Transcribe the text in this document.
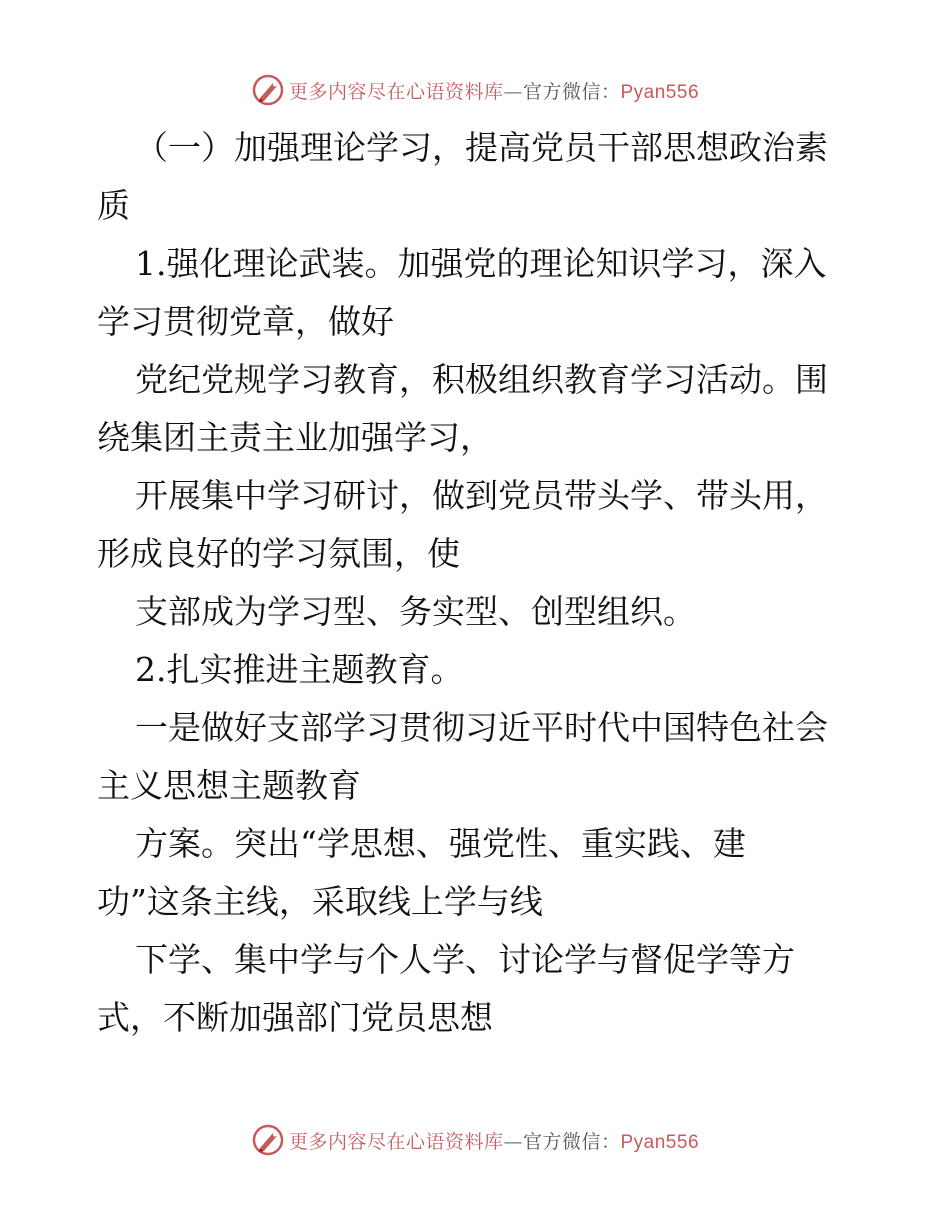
更多内容尽在心语资料库—官方微信：Pyan556
（一）加强理论学习，提高党员干部思想政治素
质
1.强化理论武装。加强党的理论知识学习，深入
学习贯彻党章，做好
党纪党规学习教育，积极组织教育学习活动。围
绕集团主责主业加强学习，
开展集中学习研讨，做到党员带头学、带头用，
形成良好的学习氛围，使
支部成为学习型、务实型、创型组织。
2.扎实推进主题教育。
一是做好支部学习贯彻习近平时代中国特色社会
主义思想主题教育
方案。突出“学思想、强党性、重实践、建
功”这条主线，采取线上学与线
下学、集中学与个人学、讨论学与督促学等方
式，不断加强部门党员思想
更多内容尽在心语资料库—官方微信：Pyan556
